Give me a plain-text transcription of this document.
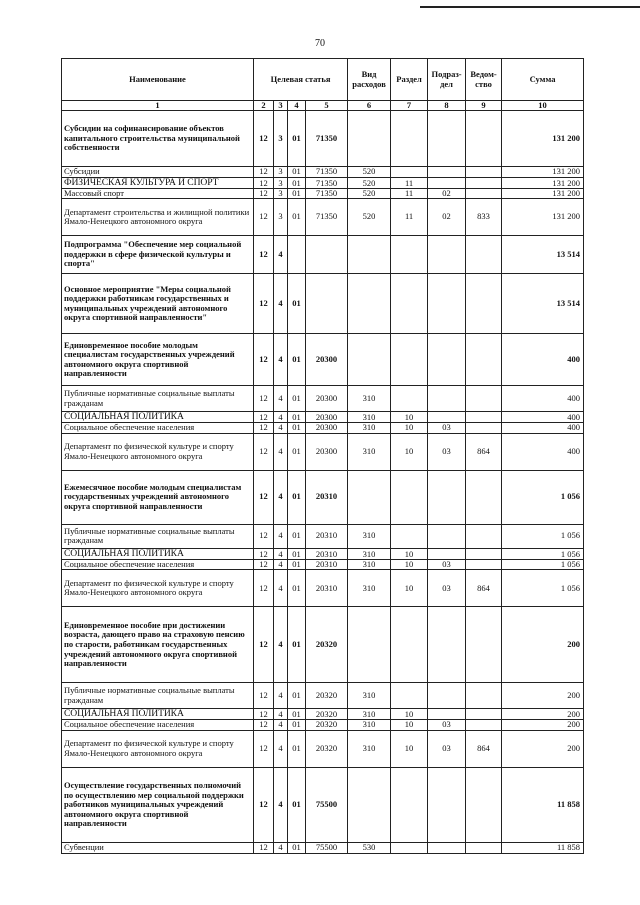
70
Наименование	Целевая статья				Вид расходов	Раздел	Подраз-дел	Ведом-ство	Сумма
1	2	3	4	5	6	7	8	9	10
Субсидии на софинансирование объектов капитального строительства муниципальной собственности	12	3	01	71350					131 200
Субсидии	12	3	01	71350	520				131 200
ФИЗИЧЕСКАЯ КУЛЬТУРА И СПОРТ	12	3	01	71350	520	11			131 200
Массовый спорт	12	3	01	71350	520	11	02		131 200
Департамент строительства и жилищной политики Ямало-Ненецкого автономного округа	12	3	01	71350	520	11	02	833	131 200
Подпрограмма "Обеспечение мер социальной поддержки в сфере физической культуры и спорта"	12	4							13 514
Основное мероприятие "Меры социальной поддержки работникам государственных и муниципальных учреждений автономного округа спортивной направленности"	12	4	01						13 514
Единовременное пособие молодым специалистам государственных учреждений автономного округа спортивной направленности	12	4	01	20300					400
Публичные нормативные социальные выплаты гражданам	12	4	01	20300	310				400
СОЦИАЛЬНАЯ ПОЛИТИКА	12	4	01	20300	310	10			400
Социальное обеспечение населения	12	4	01	20300	310	10	03		400
Департамент по физической культуре и спорту Ямало-Ненецкого автономного округа	12	4	01	20300	310	10	03	864	400
Ежемесячное пособие молодым специалистам государственных учреждений автономного округа спортивной направленности	12	4	01	20310					1 056
Публичные нормативные социальные выплаты гражданам	12	4	01	20310	310				1 056
СОЦИАЛЬНАЯ ПОЛИТИКА	12	4	01	20310	310	10			1 056
Социальное обеспечение населения	12	4	01	20310	310	10	03		1 056
Департамент по физической культуре и спорту Ямало-Ненецкого автономного округа	12	4	01	20310	310	10	03	864	1 056
Единовременное пособие при достижении возраста, дающего право на страховую пенсию по старости, работникам государственных учреждений автономного округа спортивной направленности	12	4	01	20320					200
Публичные нормативные социальные выплаты гражданам	12	4	01	20320	310				200
СОЦИАЛЬНАЯ ПОЛИТИКА	12	4	01	20320	310	10			200
Социальное обеспечение населения	12	4	01	20320	310	10	03		200
Департамент по физической культуре и спорту Ямало-Ненецкого автономного округа	12	4	01	20320	310	10	03	864	200
Осуществление государственных полномочий по осуществлению мер социальной поддержки работников муниципальных учреждений автономного округа спортивной направленности	12	4	01	75500					11 858
Субвенции	12	4	01	75500	530				11 858
